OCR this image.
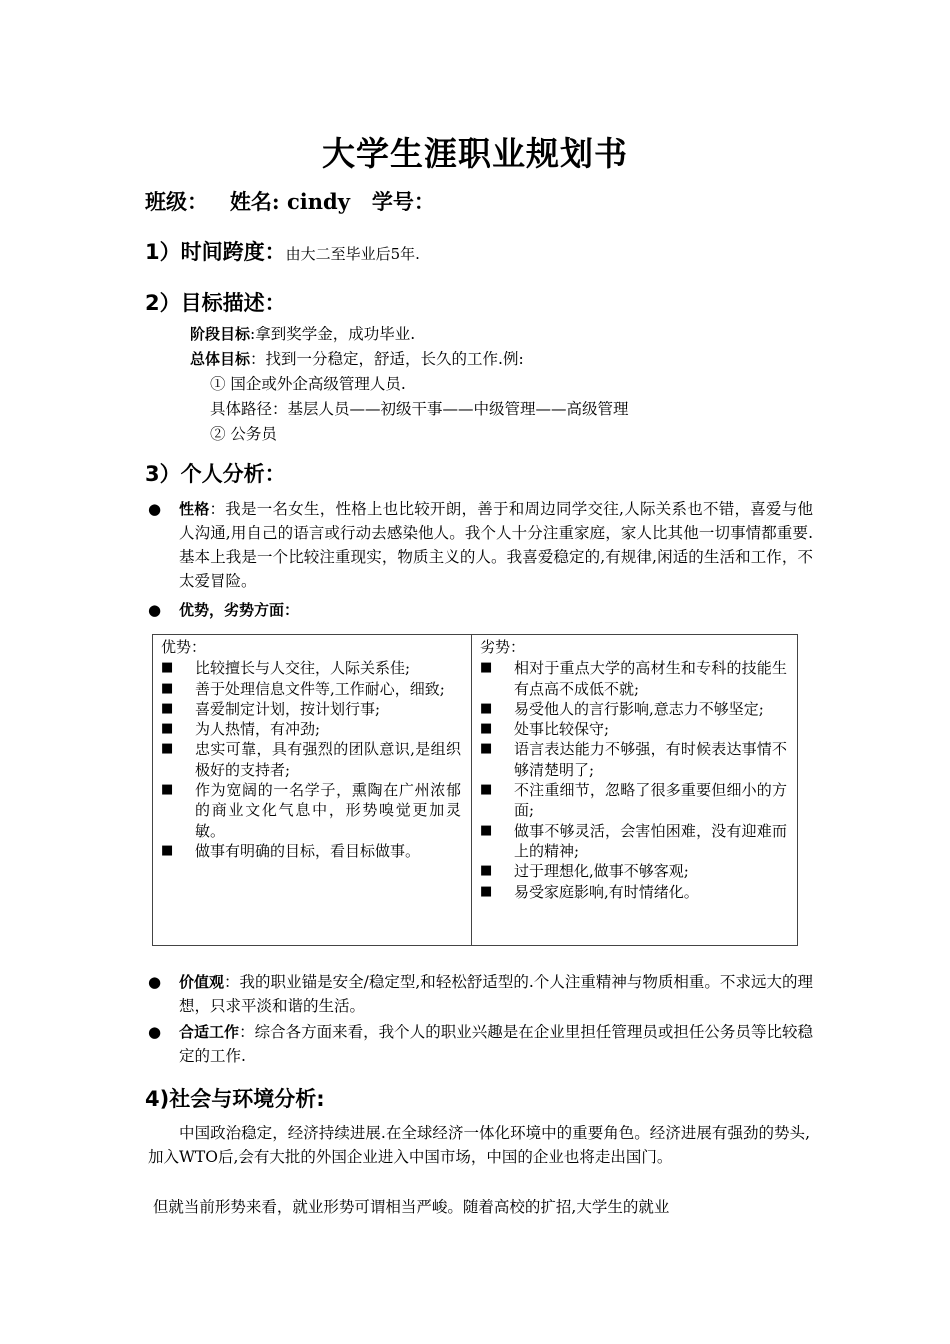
大学生涯职业规划书
班级：   姓名: cindy   学号：
1）时间跨度：由大二至毕业后5年.
2）目标描述：
阶段目标:拿到奖学金，成功毕业.
总体目标：找到一分稳定，舒适，长久的工作.例:
① 国企或外企高级管理人员.
具体路径：基层人员——初级干事——中级管理——高级管理
② 公务员
3）个人分析：
● 性格：我是一名女生，性格上也比较开朗，善于和周边同学交往,人际关系也不错，喜爱与他人沟通,用自己的语言或行动去感染他人。我个人十分注重家庭，家人比其他一切事情都重要.基本上我是一个比较注重现实，物质主义的人。我喜爱稳定的,有规律,闲适的生活和工作，不太爱冒险。
● 优势，劣势方面：
优势：
■ 比较擅长与人交往，人际关系佳;
■ 善于处理信息文件等,工作耐心，细致;
■ 喜爱制定计划，按计划行事;
■ 为人热情，有冲劲;
■ 忠实可靠，具有强烈的团队意识,是组织极好的支持者;
■ 作为宽阔的一名学子，熏陶在广州浓郁的商业文化气息中，形势嗅觉更加灵敏。
■ 做事有明确的目标，看目标做事。

劣势：
■ 相对于重点大学的高材生和专科的技能生有点高不成低不就;
■ 易受他人的言行影响,意志力不够坚定;
■ 处事比较保守;
■ 语言表达能力不够强，有时候表达事情不够清楚明了;
■ 不注重细节，忽略了很多重要但细小的方面;
■ 做事不够灵活，会害怕困难，没有迎难而上的精神;
■ 过于理想化,做事不够客观;
■ 易受家庭影响,有时情绪化。
● 价值观：我的职业锚是安全/稳定型,和轻松舒适型的.个人注重精神与物质相重。不求远大的理想，只求平淡和谐的生活。
● 合适工作：综合各方面来看，我个人的职业兴趣是在企业里担任管理员或担任公务员等比较稳定的工作.
4)社会与环境分析:
　　中国政治稳定，经济持续进展.在全球经济一体化环境中的重要角色。经济进展有强劲的势头,加入WTO后,会有大批的外国企业进入中国市场，中国的企业也将走出国门。
但就当前形势来看，就业形势可谓相当严峻。随着高校的扩招,大学生的就业
